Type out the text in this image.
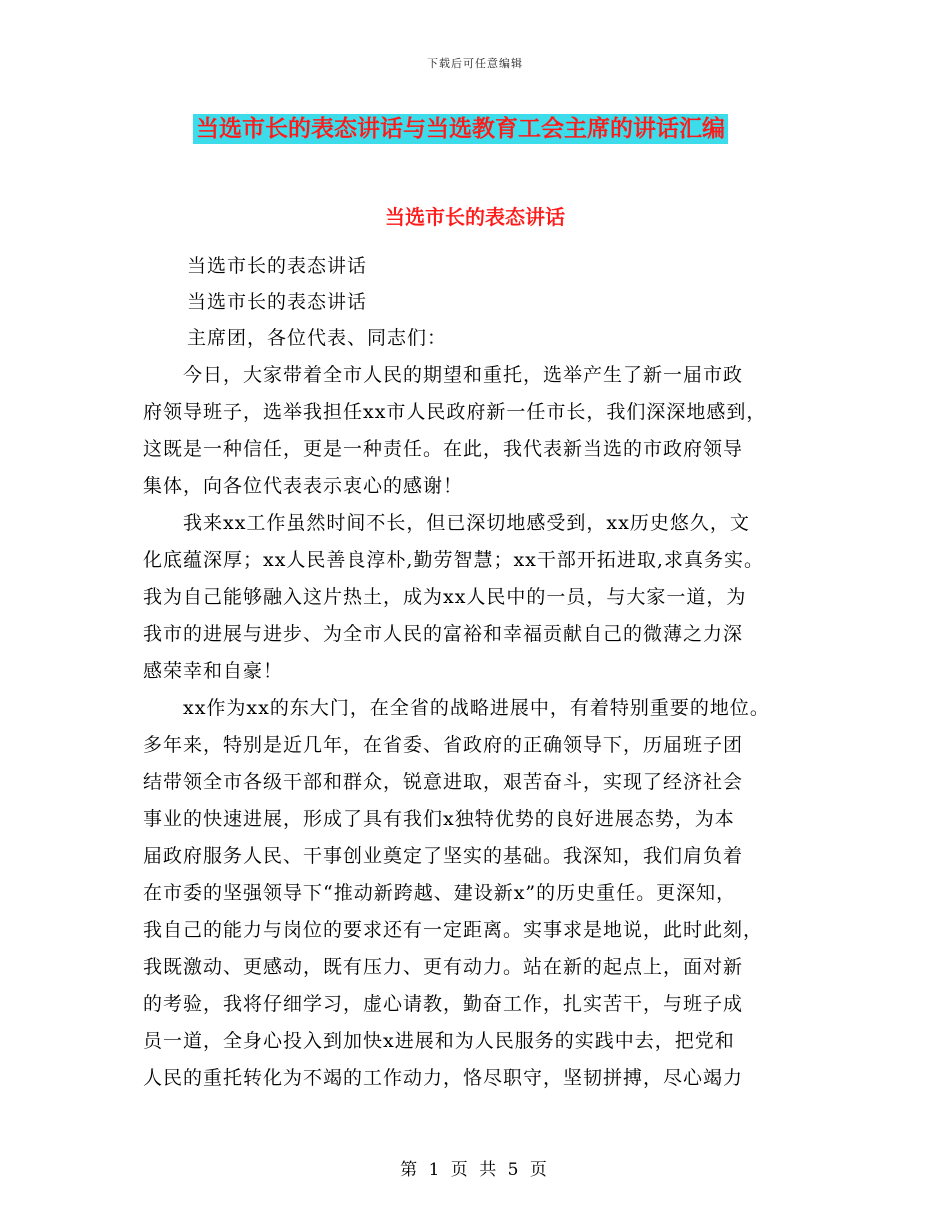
下载后可任意编辑
当选市长的表态讲话与当选教育工会主席的讲话汇编
当选市长的表态讲话
当选市长的表态讲话
当选市长的表态讲话
主席团，各位代表、同志们：
今日，大家带着全市人民的期望和重托，选举产生了新一届市政
府领导班子，选举我担任xx市人民政府新一任市长，我们深深地感到，
这既是一种信任，更是一种责任。在此，我代表新当选的市政府领导
集体，向各位代表表示衷心的感谢！
我来xx工作虽然时间不长，但已深切地感受到，xx历史悠久，文
化底蕴深厚；xx人民善良淳朴,勤劳智慧；xx干部开拓进取,求真务实。
我为自己能够融入这片热土，成为xx人民中的一员，与大家一道，为
我市的进展与进步、为全市人民的富裕和幸福贡献自己的微薄之力深
感荣幸和自豪！
xx作为xx的东大门，在全省的战略进展中，有着特别重要的地位。
多年来，特别是近几年，在省委、省政府的正确领导下，历届班子团
结带领全市各级干部和群众，锐意进取，艰苦奋斗，实现了经济社会
事业的快速进展，形成了具有我们x独特优势的良好进展态势，为本
届政府服务人民、干事创业奠定了坚实的基础。我深知，我们肩负着
在市委的坚强领导下“推动新跨越、建设新x”的历史重任。更深知，
我自己的能力与岗位的要求还有一定距离。实事求是地说，此时此刻，
我既激动、更感动，既有压力、更有动力。站在新的起点上，面对新
的考验，我将仔细学习，虚心请教，勤奋工作，扎实苦干，与班子成
员一道，全身心投入到加快x进展和为人民服务的实践中去，把党和
人民的重托转化为不竭的工作动力，恪尽职守，坚韧拼搏，尽心竭力
第 1 页 共 5 页
